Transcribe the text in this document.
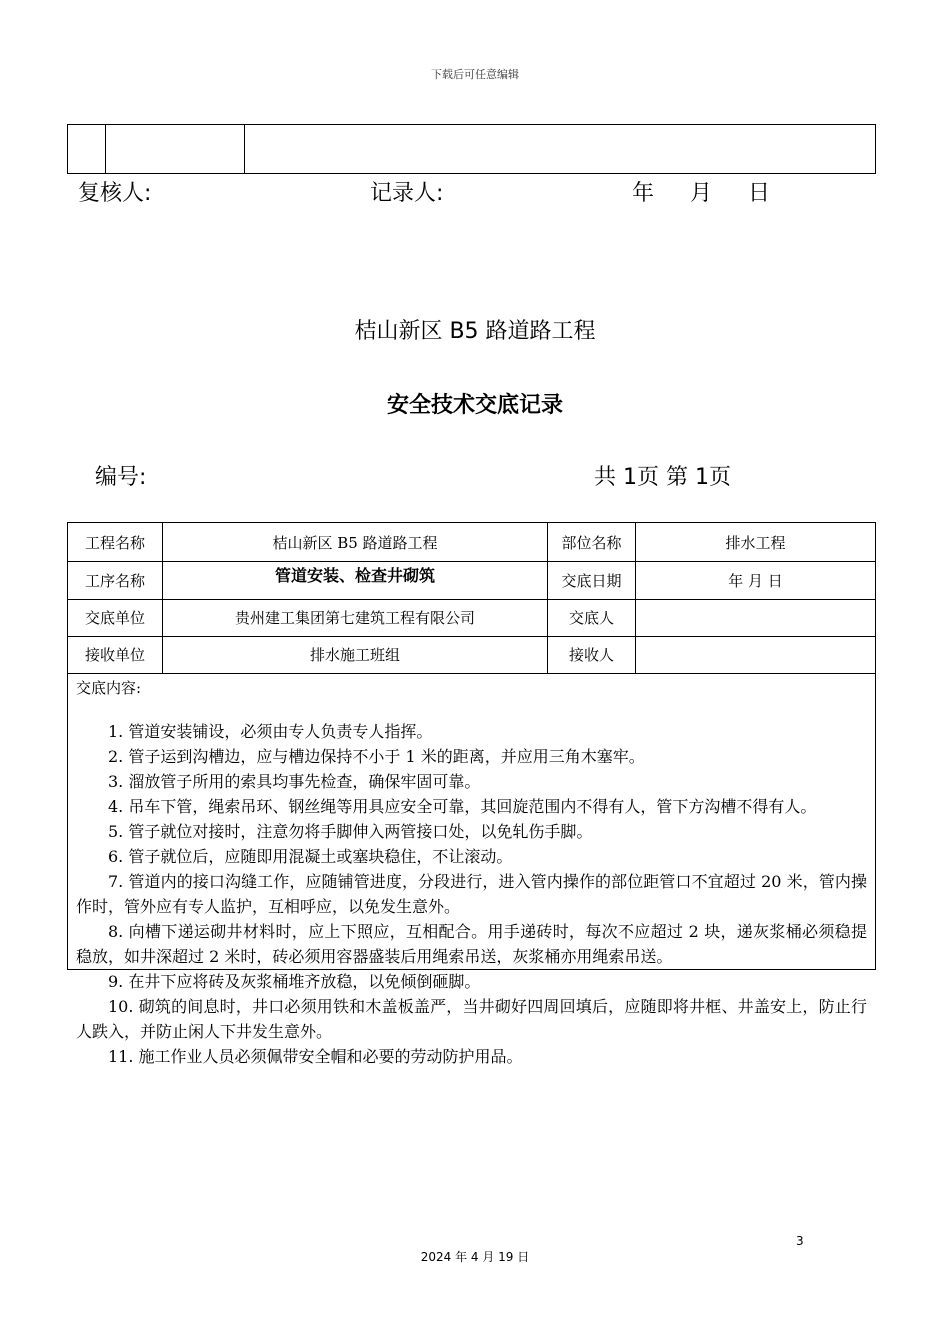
下载后可任意编辑
复核人:	记录人:	年 月 日
桔山新区 B5 路道路工程
安全技术交底记录
编号:	共 1页 第 1页
工程名称	桔山新区 B5 路道路工程	部位名称	排水工程
工序名称	管道安装、检查井砌筑	交底日期	年 月 日
交底单位	贵州建工集团第七建筑工程有限公司	交底人
接收单位	排水施工班组	接收人
交底内容:

1. 管道安装铺设，必须由专人负责专人指挥。

2. 管子运到沟槽边，应与槽边保持不小于 1 米的距离，并应用三角木塞牢。

3. 溜放管子所用的索具均事先检查，确保牢固可靠。

4. 吊车下管，绳索吊环、钢丝绳等用具应安全可靠，其回旋范围内不得有人，管下方沟槽不得有人。

5. 管子就位对接时，注意勿将手脚伸入两管接口处，以免轧伤手脚。

6. 管子就位后，应随即用混凝土或塞块稳住，不让滚动。

7. 管道内的接口沟缝工作，应随铺管进度，分段进行，进入管内操作的部位距管口不宜超过 20 米，管内操作时，管外应有专人监护，互相呼应，以免发生意外。

8. 向槽下递运砌井材料时，应上下照应，互相配合。用手递砖时，每次不应超过 2 块，递灰浆桶必须稳提稳放，如井深超过 2 米时，砖必须用容器盛装后用绳索吊送，灰浆桶亦用绳索吊送。

9. 在井下应将砖及灰浆桶堆齐放稳，以免倾倒砸脚。

10. 砌筑的间息时，井口必须用铁和木盖板盖严，当井砌好四周回填后，应随即将井框、井盖安上，防止行人跌入，并防止闲人下井发生意外。

11. 施工作业人员必须佩带安全帽和必要的劳动防护用品。

3
2024 年 4 月 19 日
